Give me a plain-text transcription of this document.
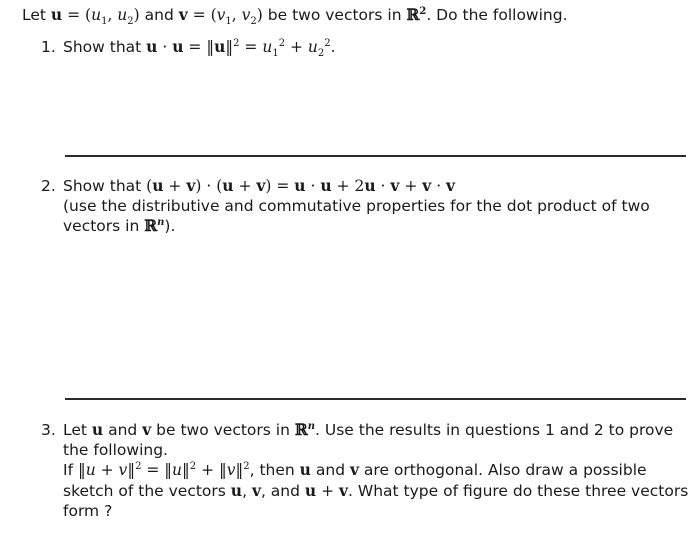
Let $u = (u_1$, $u_2$) and $v = (v_1$, $v_2$) be two vectors in ℝ$^2$. Do the following.
1. Show that u · u = ‖u‖$^2$ = $u_1^2 + u_2^2$.
2. Show that (u + v) · (u + v) = u · u + 2u · v + v · v
(use the distributive and commutative properties for the dot product of two
vectors in ℝ$^n$).
3. Let u and v be two vectors in ℝ$^n$. Use the results in questions 1 and 2 to prove
the following.
If ‖u + v‖$^2$ = ‖u‖$^2$ + ‖v‖$^2$, then u and v are orthogonal. Also draw a possible
sketch of the vectors u, v, and u + v. What type of figure do these three vectors
form ?
